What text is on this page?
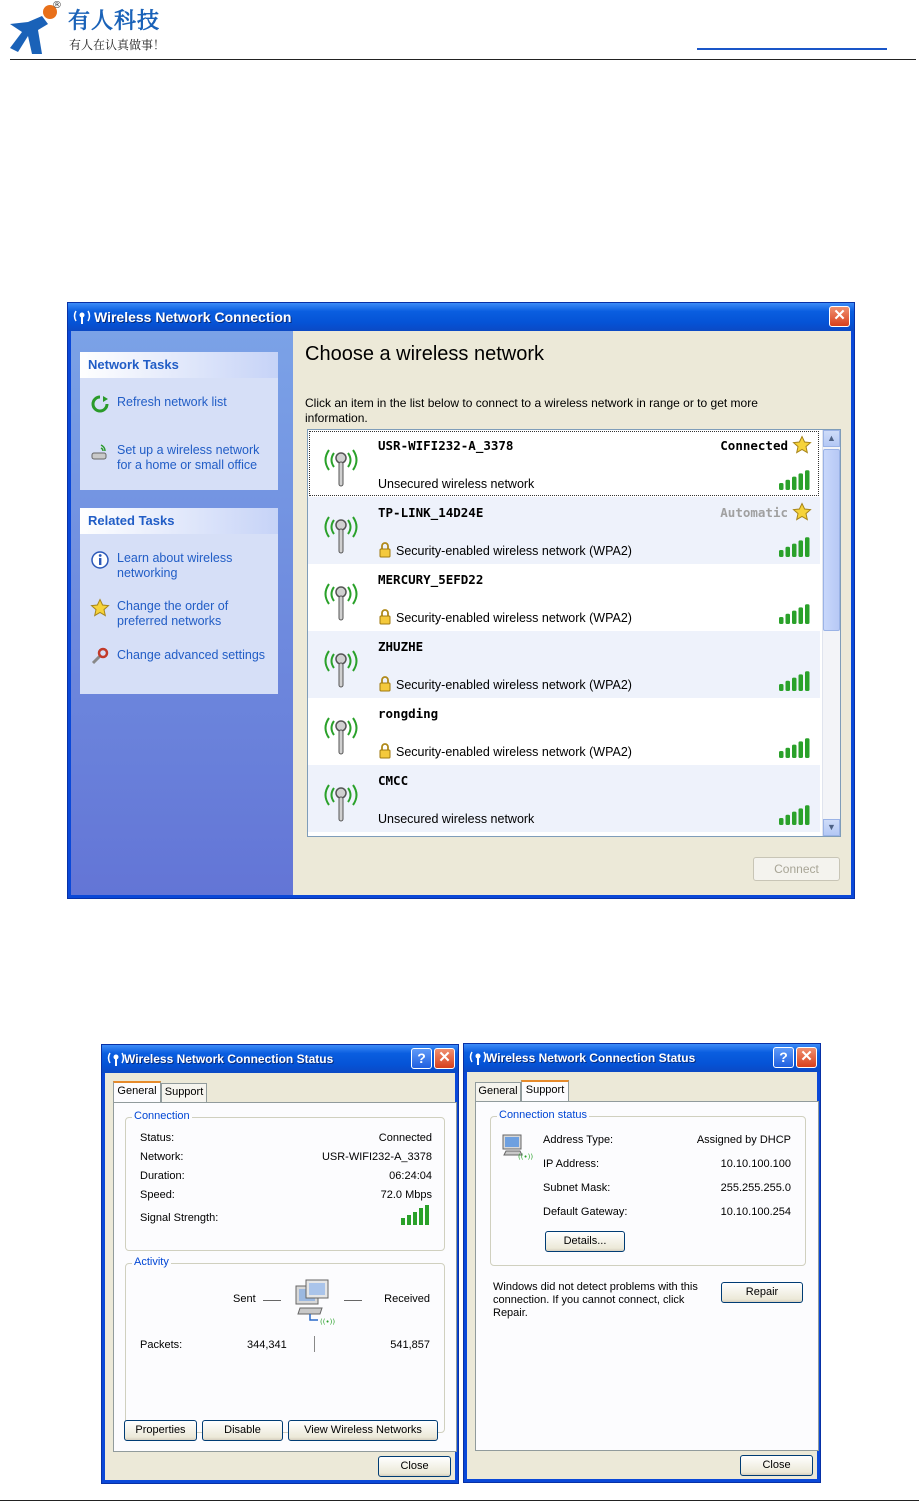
®
有人科技
有人在认真做事！
Wireless Network Connection	✕
Network Tasks
Refresh network list
Set up a wireless network for a home or small office
Related Tasks
Learn about wireless networking
Change the order of preferred networks
Change advanced settings
Choose a wireless network
Click an item in the list below to connect to a wireless network in range or to get more information.
USR-WIFI232-A_3378
Unsecured wireless network
Connected
TP-LINK_14D24E
Security-enabled wireless network (WPA2)
Automatic
MERCURY_5EFD22
Security-enabled wireless network (WPA2)
ZHUZHE
Security-enabled wireless network (WPA2)
rongding
Security-enabled wireless network (WPA2)
CMCC
Unsecured wireless network
▲
▼
Connect
Wireless Network Connection Status	? ✕
General Support
Connection
Status:	Connected
Network:	USR-WIFI232-A_3378
Duration:	06:24:04
Speed:	72.0 Mbps
Signal Strength:
Activity
Sent
((•))
Received
Packets:	344,341	541,857
Properties	Disable	View Wireless Networks
Close
Wireless Network Connection Status	? ✕
General Support
Connection status
((•))
Address Type:	Assigned by DHCP
IP Address:	10.10.100.100
Subnet Mask:	255.255.255.0
Default Gateway:	10.10.100.254
Details...
Windows did not detect problems with this connection. If you cannot connect, click Repair.
Repair
Close
